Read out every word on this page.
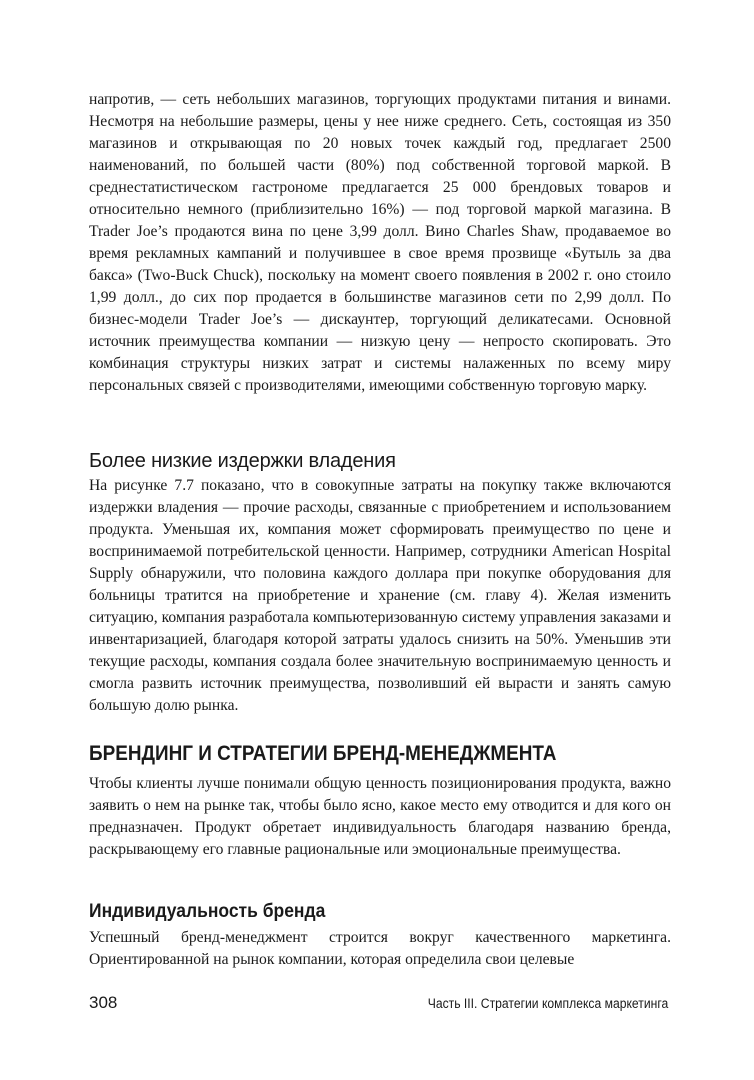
напротив, — сеть небольших магазинов, торгующих продуктами питания и винами. Несмотря на небольшие размеры, цены у нее ниже среднего. Сеть, состоящая из 350 магазинов и открывающая по 20 новых точек каждый год, предлагает 2500 наименований, по большей части (80%) под собственной торговой маркой. В среднестатистическом гастрономе предлагается 25 000 брендовых товаров и относительно немного (приблизительно 16%) — под торговой маркой магазина. В Trader Joe’s продаются вина по цене 3,99 долл. Вино Charles Shaw, продаваемое во время рекламных кампаний и получившее в свое время прозвище «Бутыль за два бакса» (Two-Buck Chuck), поскольку на момент своего появления в 2002 г. оно стоило 1,99 долл., до сих пор продается в большинстве магазинов сети по 2,99 долл. По бизнес-модели Trader Joe’s — дискаунтер, торгующий деликатесами. Основной источник преимущества компании — низкую цену — непросто скопировать. Это комбинация структуры низких затрат и системы налаженных по всему миру персональных связей с производителями, имеющими собственную торговую марку.

Более низкие издержки владения

На рисунке 7.7 показано, что в совокупные затраты на покупку также включаются издержки владения — прочие расходы, связанные с приобретением и использованием продукта. Уменьшая их, компания может сформировать преимущество по цене и воспринимаемой потребительской ценности. Например, сотрудники American Hospital Supply обнаружили, что половина каждого доллара при покупке оборудования для больницы тратится на приобретение и хранение (см. главу 4). Желая изменить ситуацию, компания разработала компьютеризованную систему управления заказами и инвентаризацией, благодаря которой затраты удалось снизить на 50%. Уменьшив эти текущие расходы, компания создала более значительную воспринимаемую ценность и смогла развить источник преимущества, позволивший ей вырасти и занять самую большую долю рынка.

БРЕНДИНГ И СТРАТЕГИИ БРЕНД-МЕНЕДЖМЕНТА

Чтобы клиенты лучше понимали общую ценность позиционирования продукта, важно заявить о нем на рынке так, чтобы было ясно, какое место ему отводится и для кого он предназначен. Продукт обретает индивидуальность благодаря названию бренда, раскрывающему его главные рациональные или эмоциональные преимущества.

Индивидуальность бренда

Успешный бренд-менеджмент строится вокруг качественного маркетинга. Ориентированной на рынок компании, которая определила свои целевые

308	Часть III. Стратегии комплекса маркетинга
